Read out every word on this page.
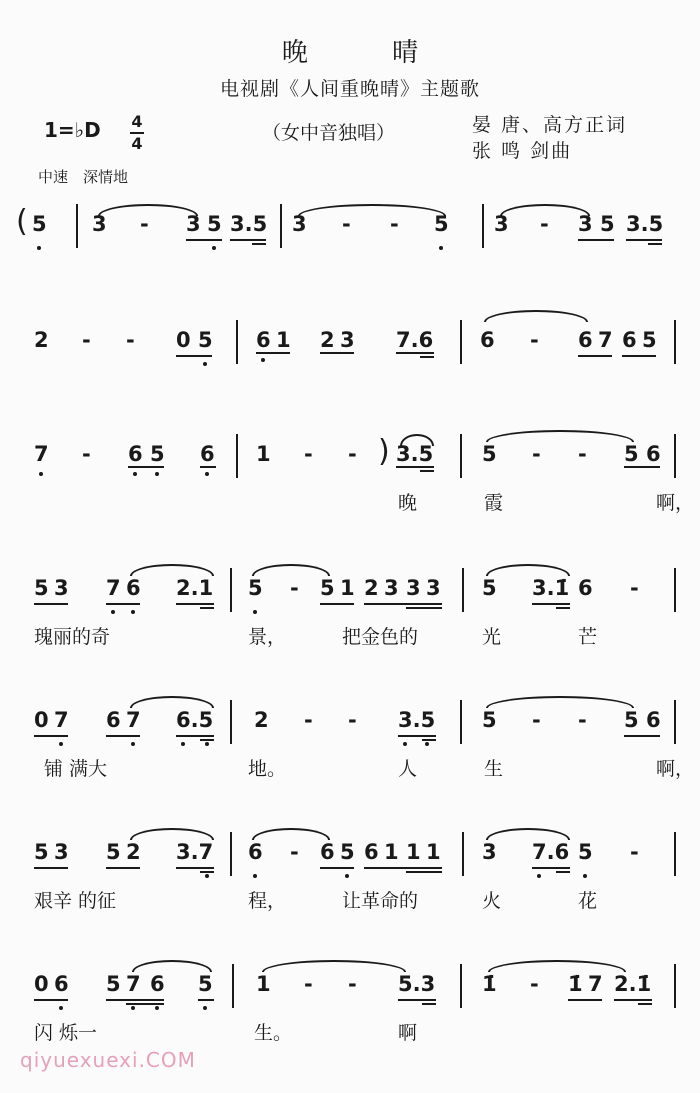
晚 晴
电视剧《人间重晚晴》主题歌
1=♭D 4
4	（女中音独唱）	晏 唐、高方正词
张 鸣 剑曲
中速　深情地
( 5 3 - 3 5 3.5 3 - - 5 3 - 3 5 3.5
2 - - 0 5 6 1 2 3 7.6 6 - 6 7 6 5
7 - 6 5 6 1 - - ) 3.5 5 - - 5 6
晚	霞	啊，
5 3 7 6 2.1 5 - 5 1 2 3 3 3 5 3.1̇ 6 -
瑰丽的奇	景，	把金色的	光	芒
0 7 6 7 6.5 2 - - 3.5 5 - - 5 6
铺 满大	地。	人	生	啊，
5 3 5 2 3.7 6 - 6 5 6 1 1 1 3 7.6 5 -
艰辛 的征	程，	让革命的	火	花
0 6 5 7 6 5 1 - - 5.3 1̇ - 1̇ 7 2.1̇
闪 烁一	生。	啊
qiyuexuexi.COM
